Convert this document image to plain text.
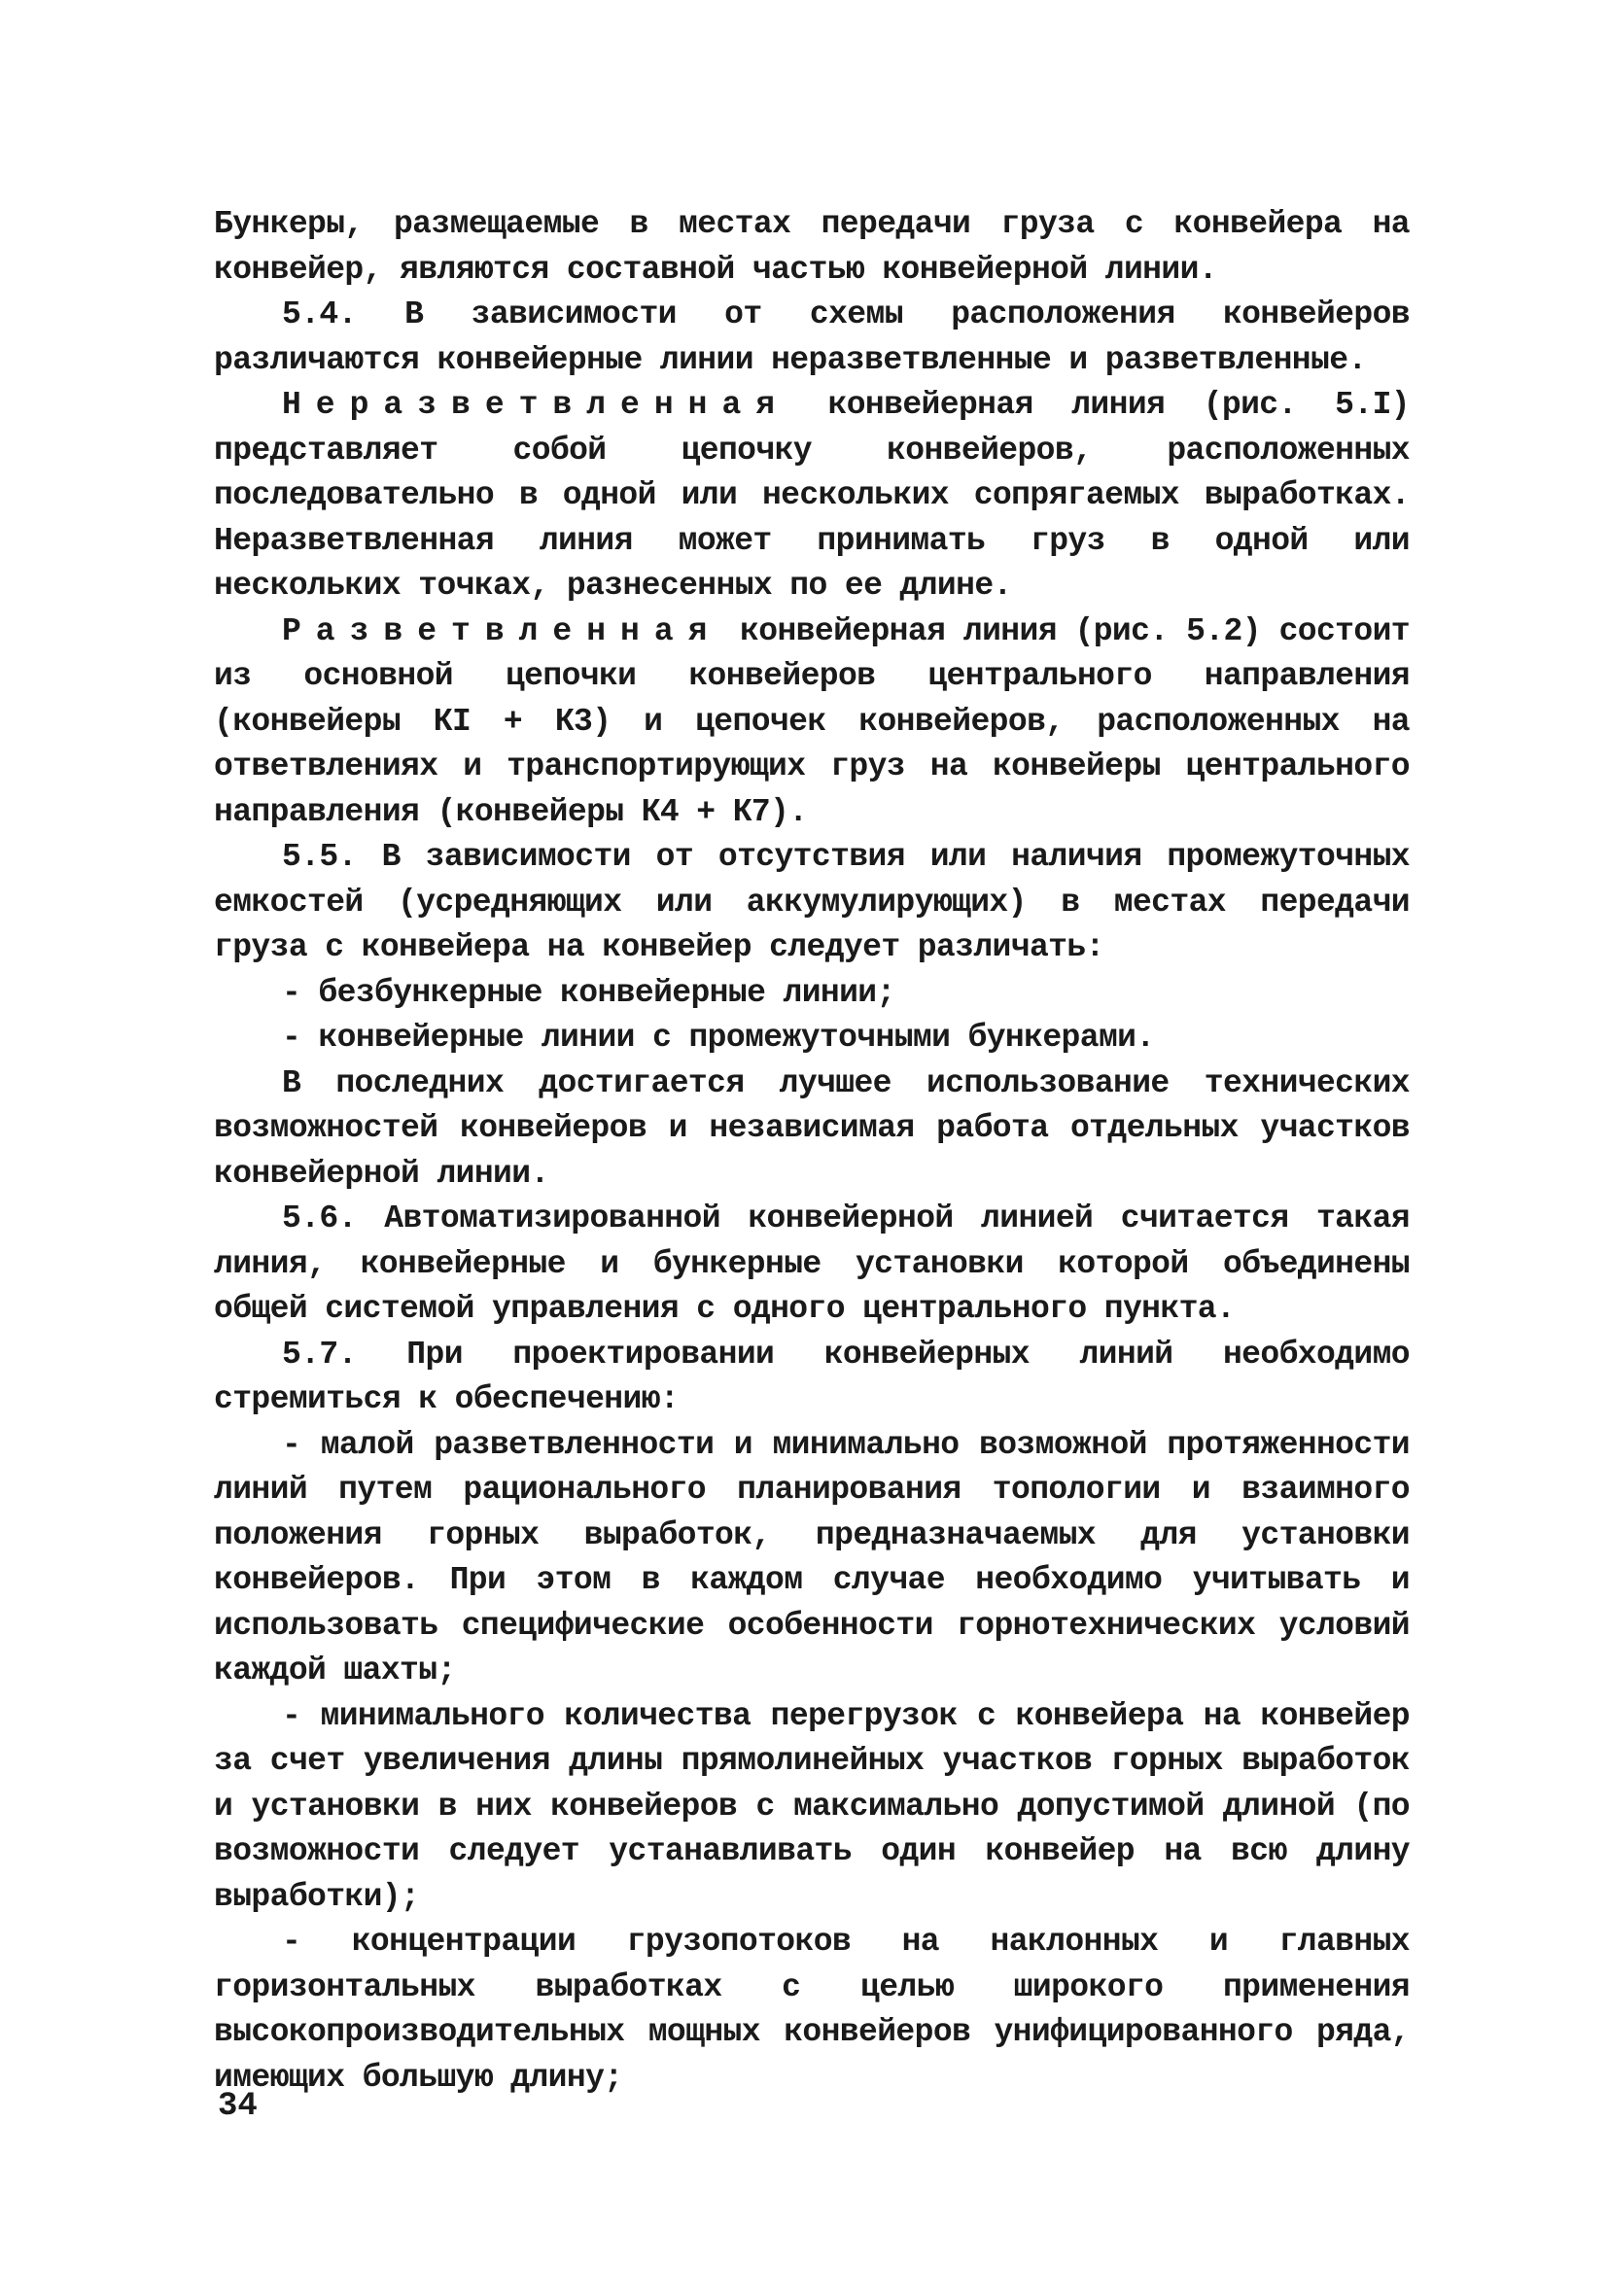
Бункеры, размещаемые в местах передачи груза с конвейера на конвейер, являются составной частью конвейерной линии.

5.4. В зависимости от схемы расположения конвейеров различаются конвейерные линии неразветвленные и разветвленные.

Неразветвленная конвейерная линия (рис. 5.I) представляет собой цепочку конвейеров, расположенных последовательно в одной или нескольких сопрягаемых выработках. Неразветвленная линия может принимать груз в одной или нескольких точках, разнесенных по ее длине.

Разветвленная конвейерная линия (рис. 5.2) состоит из основной цепочки конвейеров центрального направления (конвейеры КI + К3) и цепочек конвейеров, расположенных на ответвлениях и транспортирующих груз на конвейеры центрального направления (конвейеры К4 + К7).

5.5. В зависимости от отсутствия или наличия промежуточных емкостей (усредняющих или аккумулирующих) в местах передачи груза с конвейера на конвейер следует различать:

- безбункерные конвейерные линии;

- конвейерные линии с промежуточными бункерами.

В последних достигается лучшее использование технических возможностей конвейеров и независимая работа отдельных участков конвейерной линии.

5.6. Автоматизированной конвейерной линией считается такая линия, конвейерные и бункерные установки которой объединены общей системой управления с одного центрального пункта.

5.7. При проектировании конвейерных линий необходимо стремиться к обеспечению:

- малой разветвленности и минимально возможной протяженности линий путем рационального планирования топологии и взаимного положения горных выработок, предназначаемых для установки конвейеров. При этом в каждом случае необходимо учитывать и использовать специфические особенности горнотехнических условий каждой шахты;

- минимального количества перегрузок с конвейера на конвейер за счет увеличения длины прямолинейных участков горных выработок и установки в них конвейеров с максимально допустимой длиной (по возможности следует устанавливать один конвейер на всю длину выработки);

- концентрации грузопотоков на наклонных и главных горизонтальных выработках с целью широкого применения высокопроизводительных мощных конвейеров унифицированного ряда, имеющих большую длину;

34
